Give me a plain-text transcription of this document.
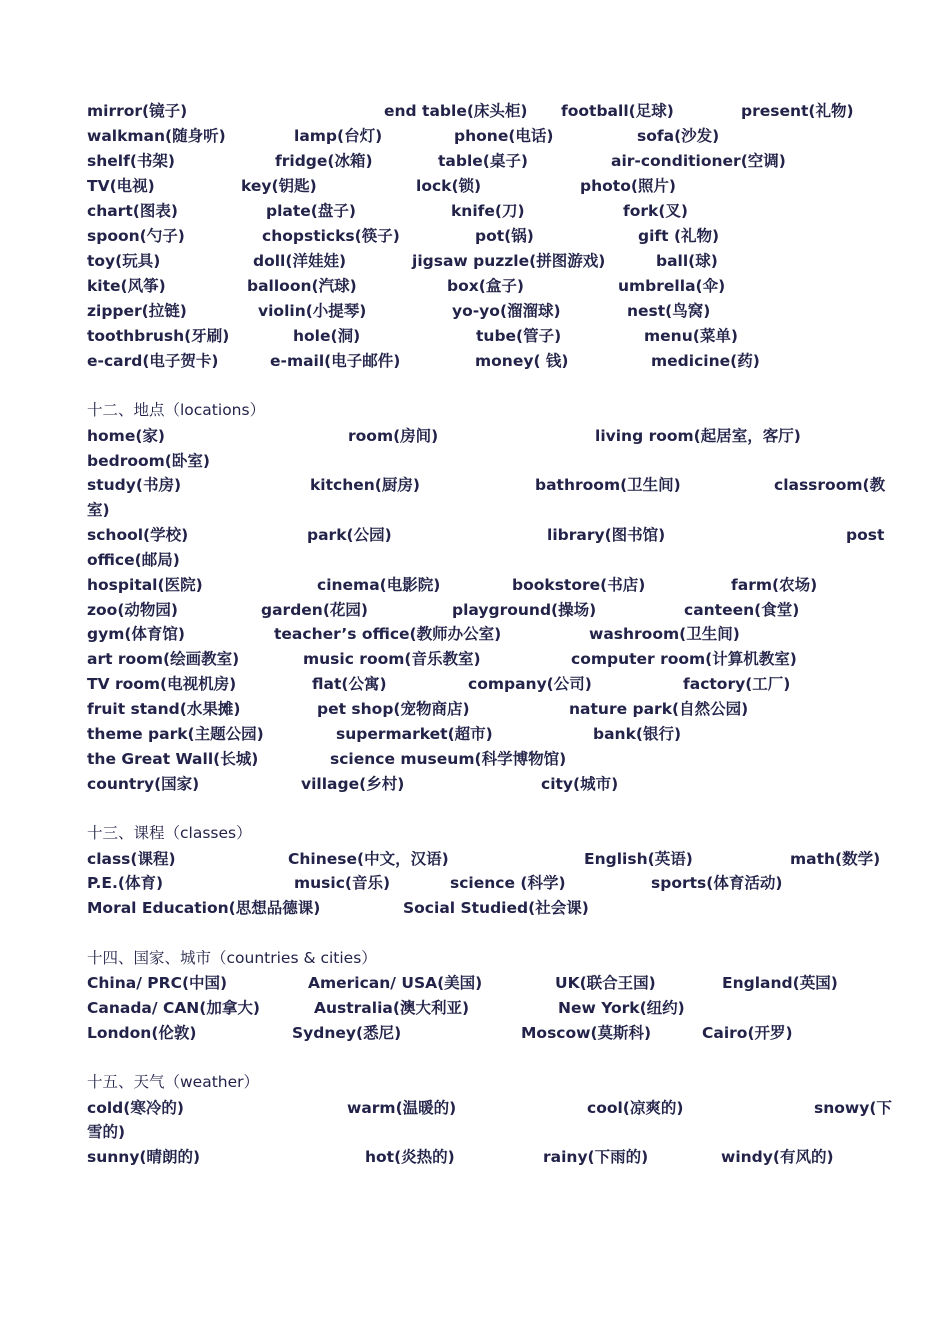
mirror(镜子)	end table(床头柜) football(足球)	present(礼物)
walkman(随身听)	lamp(台灯)	phone(电话)	sofa(沙发)
shelf(书架)	fridge(冰箱)	table(桌子)	air-conditioner(空调)
TV(电视)	key(钥匙)	lock(锁)	photo(照片)
chart(图表)	plate(盘子)	knife(刀)	fork(叉)
spoon(勺子)	chopsticks(筷子)	pot(锅)	gift (礼物)
toy(玩具)	doll(洋娃娃)	jigsaw puzzle(拼图游戏)	ball(球)
kite(风筝)	balloon(汽球)	box(盒子)	umbrella(伞)
zipper(拉链)	violin(小提琴)	yo-yo(溜溜球)	nest(鸟窝)
toothbrush(牙刷)	hole(洞)	tube(管子)	menu(菜单)
e-card(电子贺卡)	e-mail(电子邮件)	money( 钱)	medicine(药)
十二、地点（locations）
home(家)	room(房间)	living room(起居室，客厅)
bedroom(卧室)
study(书房)	kitchen(厨房)	bathroom(卫生间)	classroom(教
室)
school(学校)	park(公园)	library(图书馆)	post
office(邮局)
hospital(医院)	cinema(电影院)	bookstore(书店)	farm(农场)
zoo(动物园)	garden(花园)	playground(操场)	canteen(食堂)
gym(体育馆)	teacher’s office(教师办公室)	washroom(卫生间)
art room(绘画教室)	music room(音乐教室)	computer room(计算机教室)
TV room(电视机房)	flat(公寓)	company(公司)	factory(工厂)
fruit stand(水果摊)	pet shop(宠物商店)	nature park(自然公园)
theme park(主题公园)	supermarket(超市)	bank(银行)
the Great Wall(长城)	science museum(科学博物馆)
country(国家)	village(乡村)	city(城市)
十三、课程（classes）
class(课程)	Chinese(中文，汉语)	English(英语)	math(数学)
P.E.(体育)	music(音乐)	science (科学)	sports(体育活动)
Moral Education(思想品德课)	Social Studied(社会课)
十四、国家、城市（countries & cities）
China/ PRC(中国)	American/ USA(美国)	UK(联合王国)	England(英国)
Canada/ CAN(加拿大)	Australia(澳大利亚)	New York(纽约)
London(伦敦)	Sydney(悉尼)	Moscow(莫斯科)	Cairo(开罗)
十五、天气（weather）
cold(寒冷的)	warm(温暖的)	cool(凉爽的)	snowy(下
雪的)
sunny(晴朗的)	hot(炎热的)	rainy(下雨的)	windy(有风的)
